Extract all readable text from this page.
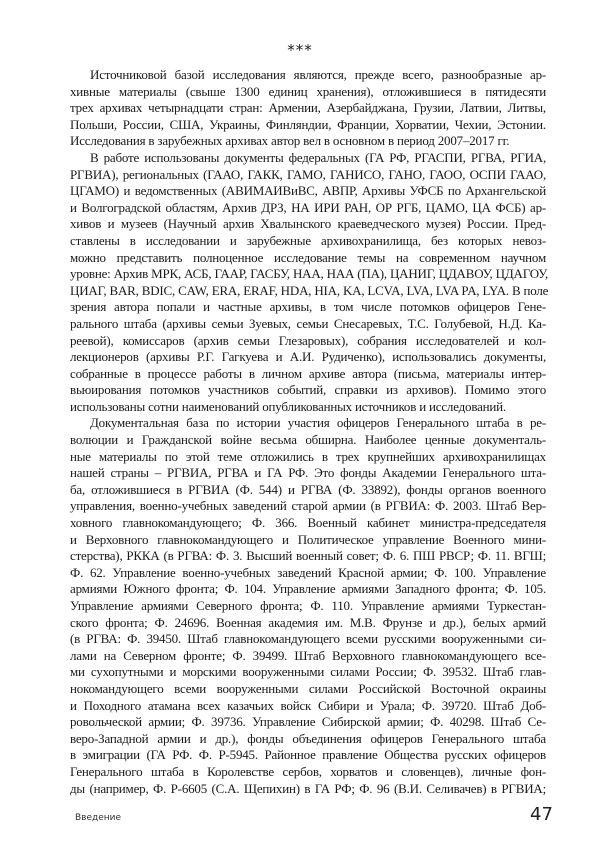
***
Источниковой базой исследования являются, прежде всего, разнообразные ар-
хивные материалы (свыше 1300 единиц хранения), отложившиеся в пятидесяти
трех архивах четырнадцати стран: Армении, Азербайджана, Грузии, Латвии, Литвы,
Польши, России, США, Украины, Финляндии, Франции, Хорватии, Чехии, Эстонии.
Исследования в зарубежных архивах автор вел в основном в период 2007–2017 гг.
В работе использованы документы федеральных (ГА РФ, РГАСПИ, РГВА, РГИА,
РГВИА), региональных (ГААО, ГАКК, ГАМО, ГАНИСО, ГАНО, ГАОО, ОСПИ ГААО,
ЦГАМО) и ведомственных (АВИМАИВиВС, АВПР, Архивы УФСБ по Архангельской
и Волгоградской областям, Архив ДРЗ, НА ИРИ РАН, ОР РГБ, ЦАМО, ЦА ФСБ) ар-
хивов и музеев (Научный архив Хвалынского краеведческого музея) России. Пред-
ставлены в исследовании и зарубежные архивохранилища, без которых невоз-
можно представить полноценное исследование темы на современном научном
уровне: Архив МРК, АСБ, ГААР, ГАСБУ, НАА, НАА (ПА), ЦАНИГ, ЦДАВОУ, ЦДАГОУ,
ЦИАГ, BAR, BDIC, CAW, ERA, ERAF, HDA, HIA, KA, LCVA, LVA, LVA PA, LYA. В поле
зрения автора попали и частные архивы, в том числе потомков офицеров Гене-
рального штаба (архивы семьи Зуевых, семьи Снесаревых, Т.С. Голубевой, Н.Д. Ка-
реевой), комиссаров (архив семьи Глезаровых), собрания исследователей и кол-
лекционеров (архивы Р.Г. Гагкуева и А.И. Рудиченко), использовались документы,
собранные в процессе работы в личном архиве автора (письма, материалы интер-
вьюирования потомков участников событий, справки из архивов). Помимо этого
использованы сотни наименований опубликованных источников и исследований.
Документальная база по истории участия офицеров Генерального штаба в ре-
волюции и Гражданской войне весьма обширна. Наиболее ценные документаль-
ные материалы по этой теме отложились в трех крупнейших архивохранилищах
нашей страны – РГВИА, РГВА и ГА РФ. Это фонды Академии Генерального шта-
ба, отложившиеся в РГВИА (Ф. 544) и РГВА (Ф. 33892), фонды органов военного
управления, военно-учебных заведений старой армии (в РГВИА: Ф. 2003. Штаб Вер-
ховного главнокомандующего; Ф. 366. Военный кабинет министра-председателя
и Верховного главнокомандующего и Политическое управление Военного мини-
стерства), РККА (в РГВА: Ф. 3. Высший военный совет; Ф. 6. ПШ РВСР; Ф. 11. ВГШ;
Ф. 62. Управление военно-учебных заведений Красной армии; Ф. 100. Управление
армиями Южного фронта; Ф. 104. Управление армиями Западного фронта; Ф. 105.
Управление армиями Северного фронта; Ф. 110. Управление армиями Туркестан-
ского фронта; Ф. 24696. Военная академия им. М.В. Фрунзе и др.), белых армий
(в РГВА: Ф. 39450. Штаб главнокомандующего всеми русскими вооруженными си-
лами на Северном фронте; Ф. 39499. Штаб Верховного главнокомандующего все-
ми сухопутными и морскими вооруженными силами России; Ф. 39532. Штаб глав-
нокомандующего всеми вооруженными силами Российской Восточной окраины
и Походного атамана всех казачьих войск Сибири и Урала; Ф. 39720. Штаб Доб-
ровольческой армии; Ф. 39736. Управление Сибирской армии; Ф. 40298. Штаб Се-
веро-Западной армии и др.), фонды объединения офицеров Генерального штаба
в эмиграции (ГА РФ. Ф. Р-5945. Районное правление Общества русских офицеров
Генерального штаба в Королевстве сербов, хорватов и словенцев), личные фон-
ды (например, Ф. Р-6605 (С.А. Щепихин) в ГА РФ; Ф. 96 (В.И. Селивачев) в РГВИА;
Введение	47
